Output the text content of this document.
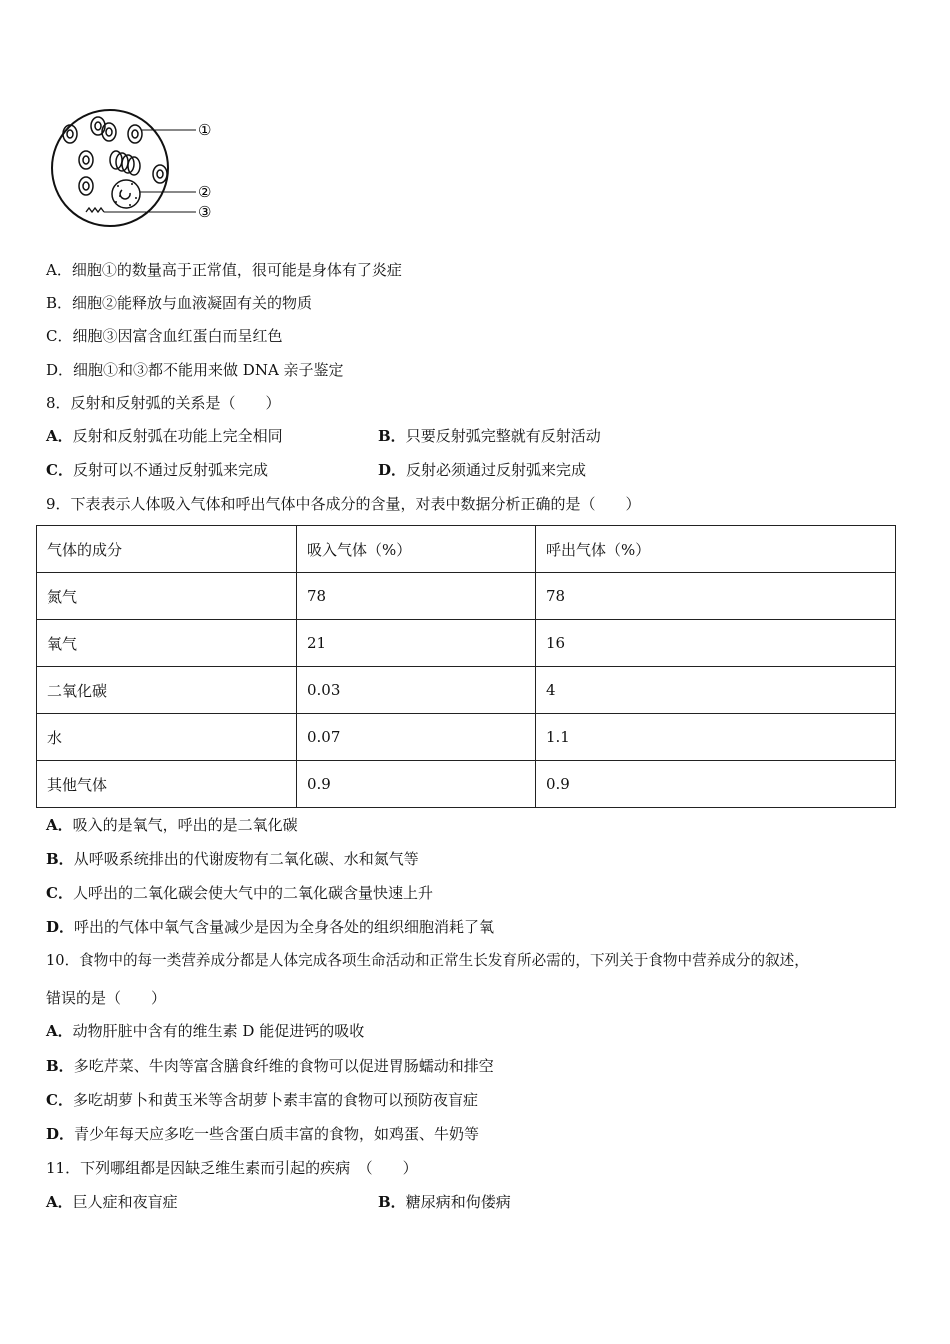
①
②
③
A．细胞①的数量高于正常值，很可能是身体有了炎症
B．细胞②能释放与血液凝固有关的物质
C．细胞③因富含血红蛋白而呈红色
D．细胞①和③都不能用来做 DNA 亲子鉴定
8．反射和反射弧的关系是（　　）
A．反射和反射弧在功能上完全相同	B．只要反射弧完整就有反射活动
C．反射可以不通过反射弧来完成	D．反射必须通过反射弧来完成
9．下表表示人体吸入气体和呼出气体中各成分的含量，对表中数据分析正确的是（　　）
气体的成分	吸入气体（%）	呼出气体（%）
氮气	78	78
氧气	21	16
二氧化碳	0.03	4
水	0.07	1.1
其他气体	0.9	0.9
A．吸入的是氧气，呼出的是二氧化碳
B．从呼吸系统排出的代谢废物有二氧化碳、水和氮气等
C．人呼出的二氧化碳会使大气中的二氧化碳含量快速上升
D．呼出的气体中氧气含量减少是因为全身各处的组织细胞消耗了氧
10．食物中的每一类营养成分都是人体完成各项生命活动和正常生长发育所必需的，下列关于食物中营养成分的叙述，
错误的是（　　）
A．动物肝脏中含有的维生素 D 能促进钙的吸收
B．多吃芹菜、牛肉等富含膳食纤维的食物可以促进胃肠蠕动和排空
C．多吃胡萝卜和黄玉米等含胡萝卜素丰富的食物可以预防夜盲症
D．青少年每天应多吃一些含蛋白质丰富的食物，如鸡蛋、牛奶等
11．下列哪组都是因缺乏维生素而引起的疾病　（　　）
A．巨人症和夜盲症	B．糖尿病和佝偻病
